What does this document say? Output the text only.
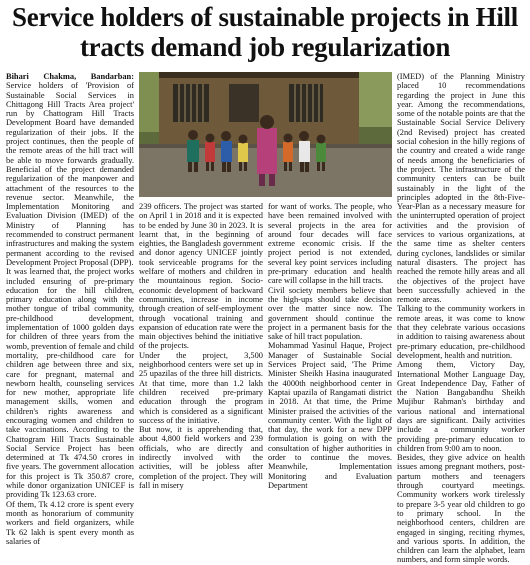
Service holders of sustainable projects in Hill tracts demand job regularization

Bihari Chakma, Bandarban: Service holders of 'Provision of Sustainable Social Services in Chittagong Hill Tracts Area project' run by Chattogram Hill Tracts Development Board have demanded regularization of their jobs. If the project continues, then the people of the remote areas of the hill tract will be able to move forwards gradually. Beneficial of the project demanded regularization of the manpower and attachment of the resources to the revenue sector. Meanwhile, the Implementation Monitoring and Evaluation Division (IMED) of the Ministry of Planning has recommended to construct permanent infrastructures and making the system permanent according to the revised Development Project Proposal (DPP).

It was learned that, the project works included ensuring of pre-primary education for the hill children, primary education along with the mother tongue of tribal community, pre-childhood development, implementation of 1000 golden days for children of three years from the womb, prevention of female and child mortality, pre-childhood care for children age between three and six, care for pregnant, maternal and newborn health, counseling services for new mother, appropriate life management skills, women and children's rights awareness and encouraging women and children to take vaccinations. According to the Chattogram Hill Tracts Sustainable Social Service Project has been determined at Tk 474.50 crores in five years. The government allocation for this project is Tk 350.87 crore, while donor organization UNICEF is providing Tk 123.63 crore.

Of them, Tk 4.12 crore is spent every month as honorarium of community workers and field organizers, while Tk 62 lakh is spent every month as salaries of

239 officers. The project was started on April 1 in 2018 and it is expected to be ended by June 30 in 2023. It is learnt that, in the beginning of eighties, the Bangladesh government and donor agency UNICEF jointly took serviceable programs for the welfare of mothers and children in the mountainous region. Socio-economic development of backward communities, increase in income through creation of self-employment through vocational training and expansion of education rate were the main objectives behind the initiative of the projects.

Under the project, 3,500 neighborhood centers were set up in 25 upazilas of the three hill districts. At that time, more than 1.2 lakh children received pre-primary education through the program which is considered as a significant success of the initiative.

But now, it is apprehending that, about 4,800 field workers and 239 officials, who are directly and indirectly involved with the activities, will be jobless after completion of the project. They will fall in misery

for want of works. The people, who have been remained involved with several projects in the area for around four decades will face extreme economic crisis. If the project period is not extended, several key point services including pre-primary education and health care will collapse in the hill tracts.

Civil society members believe that the high-ups should take decision over the matter since now. The government should continue the project in a permanent basis for the sake of hill tract population.

Mohammad Yasinul Haque, Project Manager of Sustainable Social Services Project said, 'The Prime Minister Sheikh Hasina inaugurated the 4000th neighborhood center in Kaptai upazila of Rangamati district in 2018. At that time, the Prime Minister praised the activities of the community center. With the light of that day, the work for a new DPP formulation is going on with the consultation of higher authorities in order to continue the moves. Meanwhile, Implementation Monitoring and Evaluation Department

(IMED) of the Planning Ministry placed 10 recommendations regarding the project in June this year. Among the recommendations, some of the notable points are that the Sustainable Social Service Delivery (2nd Revised) project has created social cohesion in the hilly regions of the country and created a wide range of needs among the beneficiaries of the project. The infrastructure of the community centers can be built sustainably in the light of the principles adopted in the 8th-Five-Year-Plan as a necessary measure for the uninterrupted operation of project activities and the provision of services to various organizations, at the same time as shelter centers during cyclones, landslides or similar natural disasters. The project has reached the remote hilly areas and all the objectives of the project have been successfully achieved in the remote areas.

Talking to the community workers in remote areas, it was come to know that they celebrate various occasions in addition to raising awareness about pre-primary education, pre-childhood development, health and nutrition.

Among them, Victory Day, International Mother Language Day, Great Independence Day, Father of the Nation Bangabandhu Sheikh Mujibur Rahman's birthday and various national and international days are significant. Daily activities include a community worker providing pre-primary education to children from 9:00 am to noon.

Besides, they give advice on health issues among pregnant mothers, post-partum mothers and teenagers through courtyard meetings. Community workers work tirelessly to prepare 3-5 year old children to go to primary school. In the neighborhood centers, children are engaged in singing, reciting rhymes, and various sports. In addition, the children can learn the alphabet, learn numbers, and form simple words.
